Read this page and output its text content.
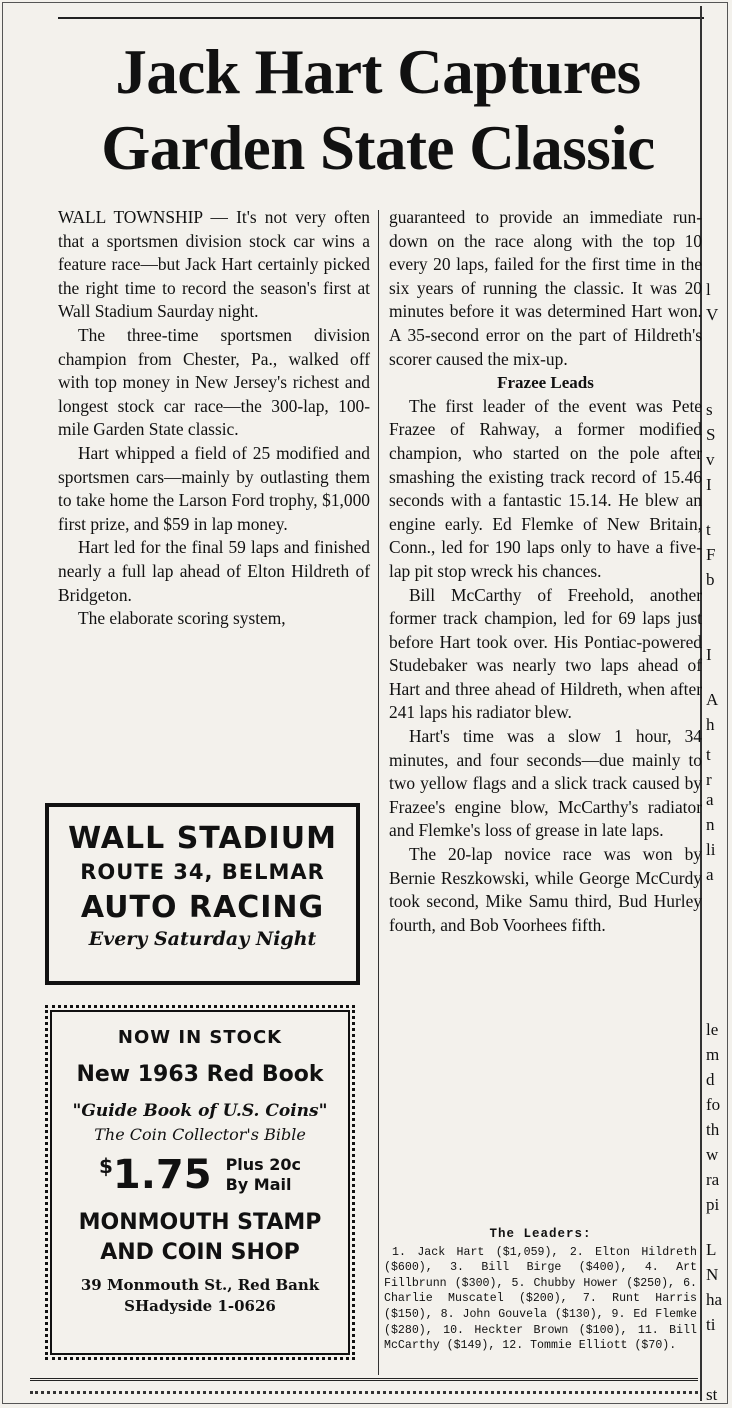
Jack Hart Captures Garden State Classic

WALL TOWNSHIP — It's not very often that a sportsmen division stock car wins a feature race—but Jack Hart certainly picked the right time to record the season's first at Wall Stadium Saurday night.

The three-time sportsmen division champion from Chester, Pa., walked off with top money in New Jersey's richest and longest stock car race—the 300-lap, 100-mile Garden State classic.

Hart whipped a field of 25 modified and sportsmen cars—mainly by outlasting them to take home the Larson Ford trophy, $1,000 first prize, and $59 in lap money.

Hart led for the final 59 laps and finished nearly a full lap ahead of Elton Hildreth of Bridgeton.

The elaborate scoring system,

guaranteed to provide an immediate run-down on the race along with the top 10 every 20 laps, failed for the first time in the six years of running the classic. It was 20 minutes before it was determined Hart won. A 35-second error on the part of Hildreth's scorer caused the mix-up.

Frazee Leads

The first leader of the event was Pete Frazee of Rahway, a former modified champion, who started on the pole after smashing the existing track record of 15.46 seconds with a fantastic 15.14. He blew an engine early. Ed Flemke of New Britain, Conn., led for 190 laps only to have a five-lap pit stop wreck his chances.

Bill McCarthy of Freehold, another former track champion, led for 69 laps just before Hart took over. His Pontiac-powered Studebaker was nearly two laps ahead of Hart and three ahead of Hildreth, when after 241 laps his radiator blew.

Hart's time was a slow 1 hour, 34 minutes, and four seconds—due mainly to two yellow flags and a slick track caused by Frazee's engine blow, McCarthy's radiator and Flemke's loss of grease in late laps.

The 20-lap novice race was won by Bernie Reszkowski, while George McCurdy took second, Mike Samu third, Bud Hurley fourth, and Bob Voorhees fifth.

The Leaders:
1. Jack Hart ($1,059), 2. Elton Hildreth ($600), 3. Bill Birge ($400), 4. Art Fillbrunn ($300), 5. Chubby Hower ($250), 6. Charlie Muscatel ($200), 7. Runt Harris ($150), 8. John Gouvela ($130), 9. Ed Flemke ($280), 10. Heckter Brown ($100), 11. Bill McCarthy ($149), 12. Tommie Elliott ($70).
WALL STADIUM
ROUTE 34, BELMAR
AUTO RACING
Every Saturday Night
NOW IN STOCK
New 1963 Red Book
"Guide Book of U.S. Coins"
The Coin Collector's Bible
$ 1.75 Plus 20c
By Mail
MONMOUTH STAMP
AND COIN SHOP
39 Monmouth St., Red Bank
SHadyside 1-0626
l
V
s
S
v
I
t
F
b
I
A
h
t
r
a
n
li
a
le
m
d
fo
th
w
ra
pi
L
N
ha
ti
st
